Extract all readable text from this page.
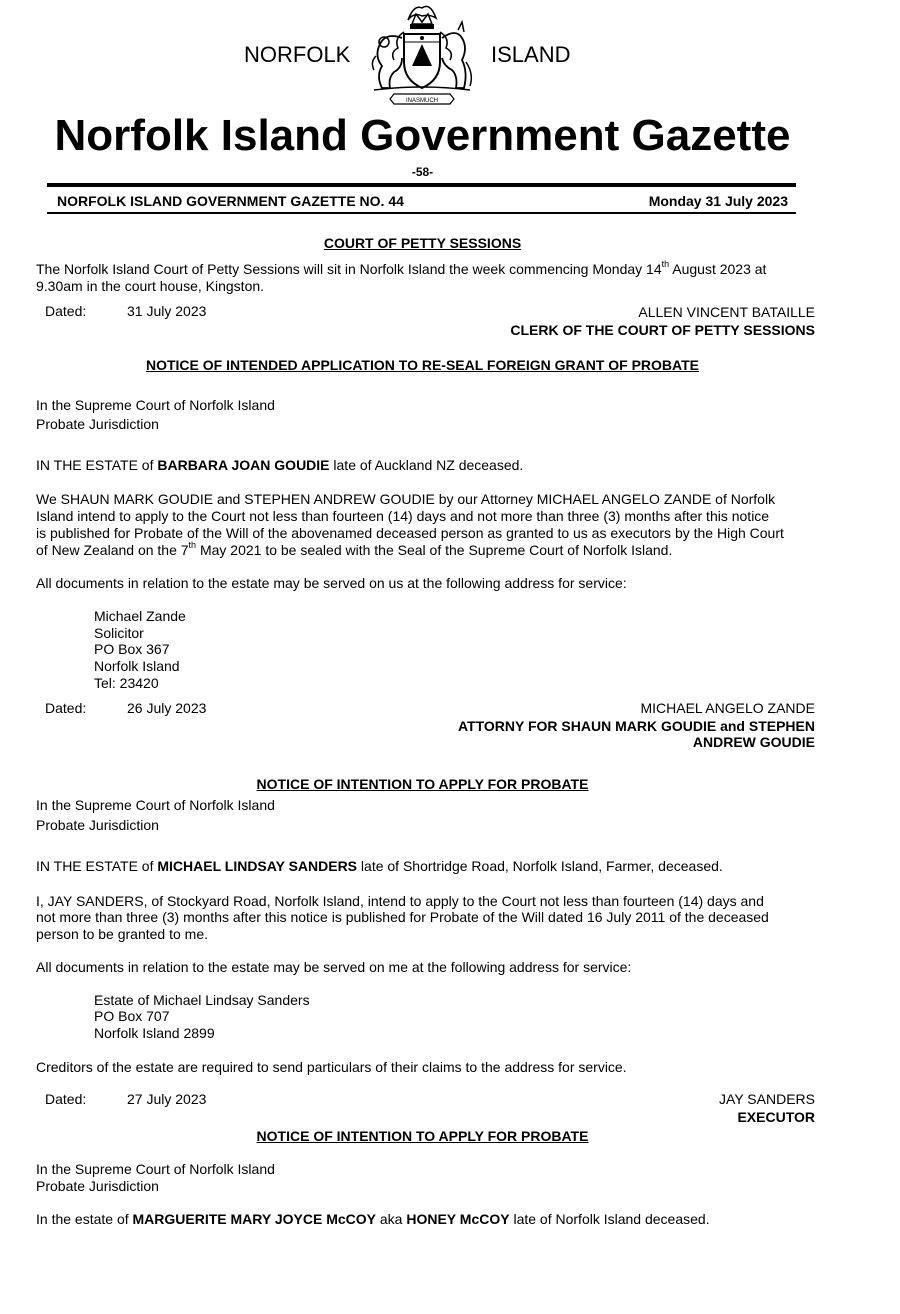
NORFOLK	ISLAND
INASMUCH
Norfolk Island Government Gazette
-58-
NORFOLK ISLAND GOVERNMENT GAZETTE NO. 44	Monday 31 July 2023
COURT OF PETTY SESSIONS
The Norfolk Island Court of Petty Sessions will sit in Norfolk Island the week commencing Monday 14th August 2023 at
9.30am in the court house, Kingston.
Dated:	31 July 2023	ALLEN VINCENT BATAILLE
CLERK OF THE COURT OF PETTY SESSIONS
NOTICE OF INTENDED APPLICATION TO RE-SEAL FOREIGN GRANT OF PROBATE
In the Supreme Court of Norfolk Island
Probate Jurisdiction
IN THE ESTATE of BARBARA JOAN GOUDIE late of Auckland NZ deceased.
We SHAUN MARK GOUDIE and STEPHEN ANDREW GOUDIE by our Attorney MICHAEL ANGELO ZANDE of Norfolk
Island intend to apply to the Court not less than fourteen (14) days and not more than three (3) months after this notice
is published for Probate of the Will of the abovenamed deceased person as granted to us as executors by the High Court
of New Zealand on the 7th May 2021 to be sealed with the Seal of the Supreme Court of Norfolk Island.
All documents in relation to the estate may be served on us at the following address for service:
Michael Zande
Solicitor
PO Box 367
Norfolk Island
Tel: 23420
Dated:	26 July 2023	MICHAEL ANGELO ZANDE
ATTORNY FOR SHAUN MARK GOUDIE and STEPHEN
ANDREW GOUDIE
NOTICE OF INTENTION TO APPLY FOR PROBATE
In the Supreme Court of Norfolk Island
Probate Jurisdiction
IN THE ESTATE of MICHAEL LINDSAY SANDERS late of Shortridge Road, Norfolk Island, Farmer, deceased.
I, JAY SANDERS, of Stockyard Road, Norfolk Island, intend to apply to the Court not less than fourteen (14) days and
not more than three (3) months after this notice is published for Probate of the Will dated 16 July 2011 of the deceased
person to be granted to me.
All documents in relation to the estate may be served on me at the following address for service:
Estate of Michael Lindsay Sanders
PO Box 707
Norfolk Island 2899
Creditors of the estate are required to send particulars of their claims to the address for service.
Dated:	27 July 2023	JAY SANDERS
EXECUTOR
NOTICE OF INTENTION TO APPLY FOR PROBATE
In the Supreme Court of Norfolk Island
Probate Jurisdiction
In the estate of MARGUERITE MARY JOYCE McCOY aka HONEY McCOY late of Norfolk Island deceased.
